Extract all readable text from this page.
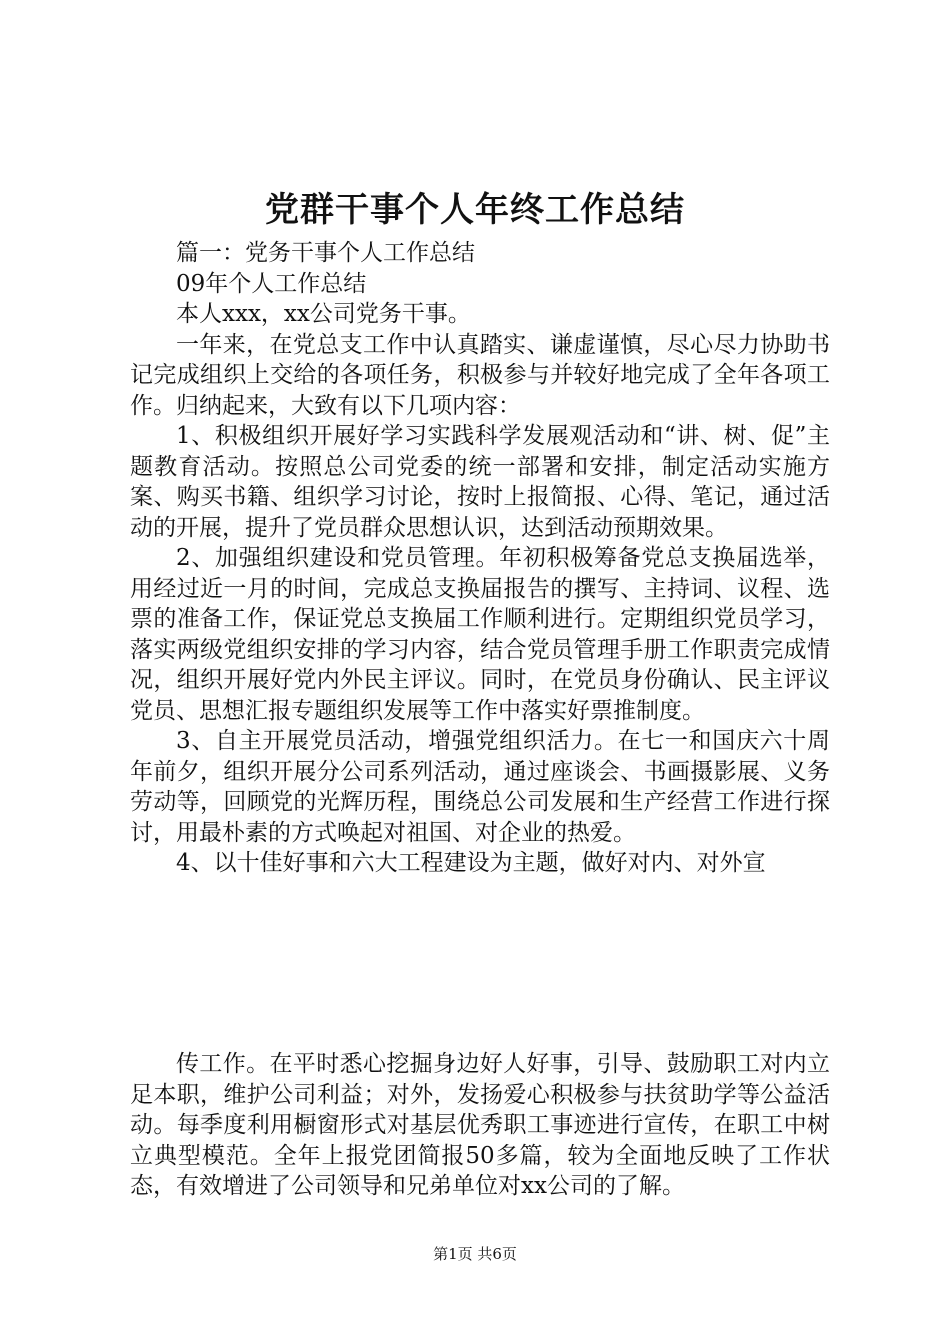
党群干事个人年终工作总结

篇一：党务干事个人工作总结

09年个人工作总结

本人xxx，xx公司党务干事。

一年来，在党总支工作中认真踏实、谦虚谨慎，尽心尽力协助书记完成组织上交给的各项任务，积极参与并较好地完成了全年各项工作。归纳起来，大致有以下几项内容：

1、积极组织开展好学习实践科学发展观活动和“讲、树、促”主题教育活动。按照总公司党委的统一部署和安排，制定活动实施方案、购买书籍、组织学习讨论，按时上报简报、心得、笔记，通过活动的开展，提升了党员群众思想认识，达到活动预期效果。

2、加强组织建设和党员管理。年初积极筹备党总支换届选举，用经过近一月的时间，完成总支换届报告的撰写、主持词、议程、选票的准备工作，保证党总支换届工作顺利进行。定期组织党员学习，落实两级党组织安排的学习内容，结合党员管理手册工作职责完成情况，组织开展好党内外民主评议。同时，在党员身份确认、民主评议党员、思想汇报专题组织发展等工作中落实好票推制度。

3、自主开展党员活动，增强党组织活力。在七一和国庆六十周年前夕，组织开展分公司系列活动，通过座谈会、书画摄影展、义务劳动等，回顾党的光辉历程，围绕总公司发展和生产经营工作进行探讨，用最朴素的方式唤起对祖国、对企业的热爱。

4、以十佳好事和六大工程建设为主题，做好对内、对外宣

传工作。在平时悉心挖掘身边好人好事，引导、鼓励职工对内立足本职，维护公司利益；对外，发扬爱心积极参与扶贫助学等公益活动。每季度利用橱窗形式对基层优秀职工事迹进行宣传，在职工中树立典型模范。全年上报党团简报50多篇，较为全面地反映了工作状态，有效增进了公司领导和兄弟单位对xx公司的了解。

第1页 共6页
